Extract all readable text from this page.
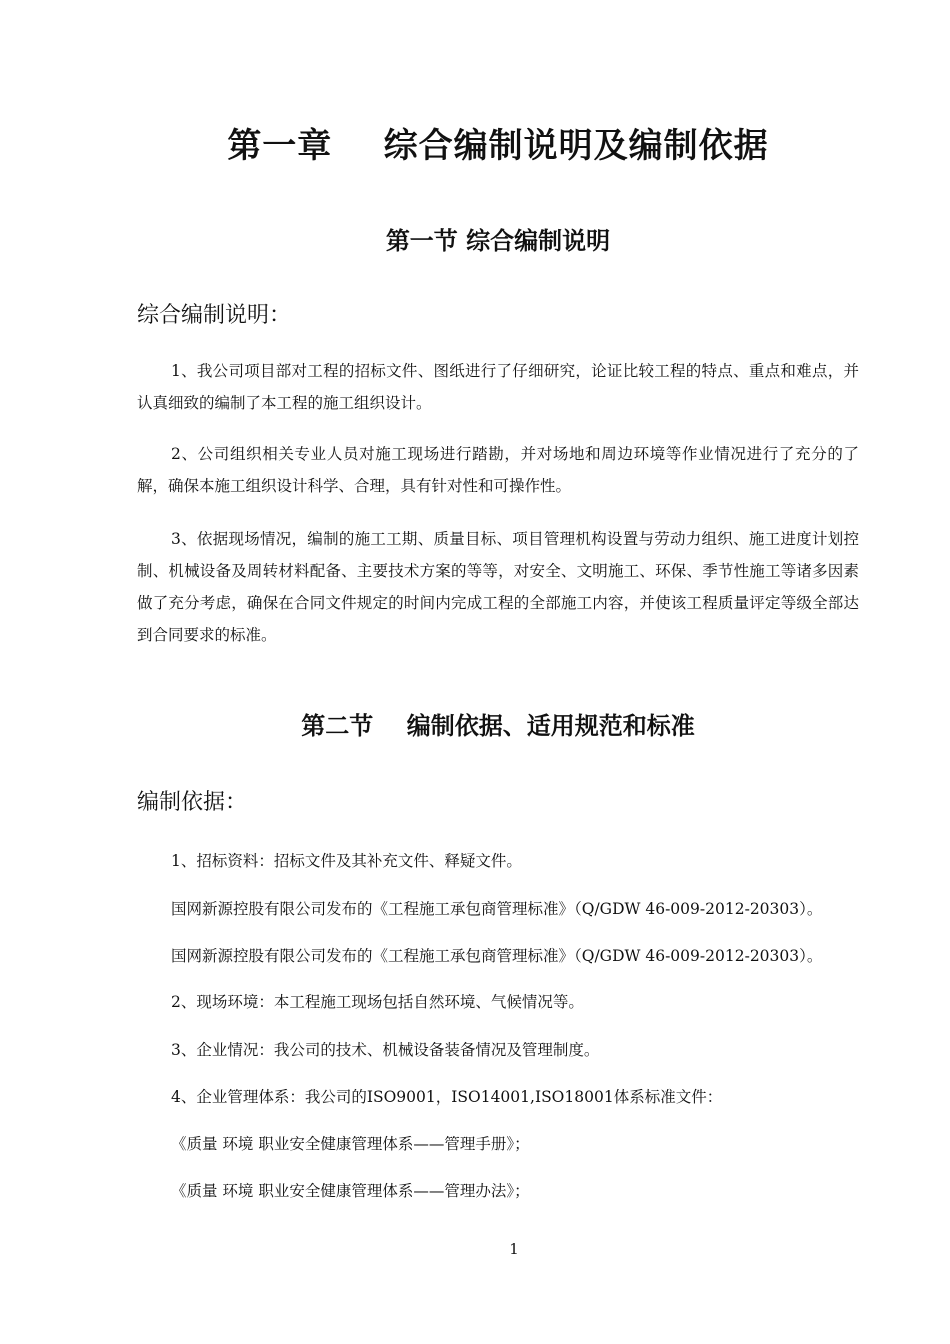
第一章    综合编制说明及编制依据
第一节 综合编制说明
综合编制说明：

1、我公司项目部对工程的招标文件、图纸进行了仔细研究，论证比较工程的特点、重点和难点，并认真细致的编制了本工程的施工组织设计。

2、公司组织相关专业人员对施工现场进行踏勘，并对场地和周边环境等作业情况进行了充分的了解，确保本施工组织设计科学、合理，具有针对性和可操作性。

3、依据现场情况，编制的施工工期、质量目标、项目管理机构设置与劳动力组织、施工进度计划控制、机械设备及周转材料配备、主要技术方案的等等，对安全、文明施工、环保、季节性施工等诸多因素做了充分考虑，确保在合同文件规定的时间内完成工程的全部施工内容，并使该工程质量评定等级全部达到合同要求的标准。

第二节    编制依据、适用规范和标准
编制依据：

1、招标资料：招标文件及其补充文件、释疑文件。

国网新源控股有限公司发布的《工程施工承包商管理标准》（Q/GDW 46-009-2012-20303）。

国网新源控股有限公司发布的《工程施工承包商管理标准》（Q/GDW 46-009-2012-20303）。

2、现场环境：本工程施工现场包括自然环境、气候情况等。

3、企业情况：我公司的技术、机械设备装备情况及管理制度。

4、企业管理体系：我公司的ISO9001，ISO14001,ISO18001体系标准文件：

《质量 环境 职业安全健康管理体系——管理手册》；

《质量 环境 职业安全健康管理体系——管理办法》；

1
